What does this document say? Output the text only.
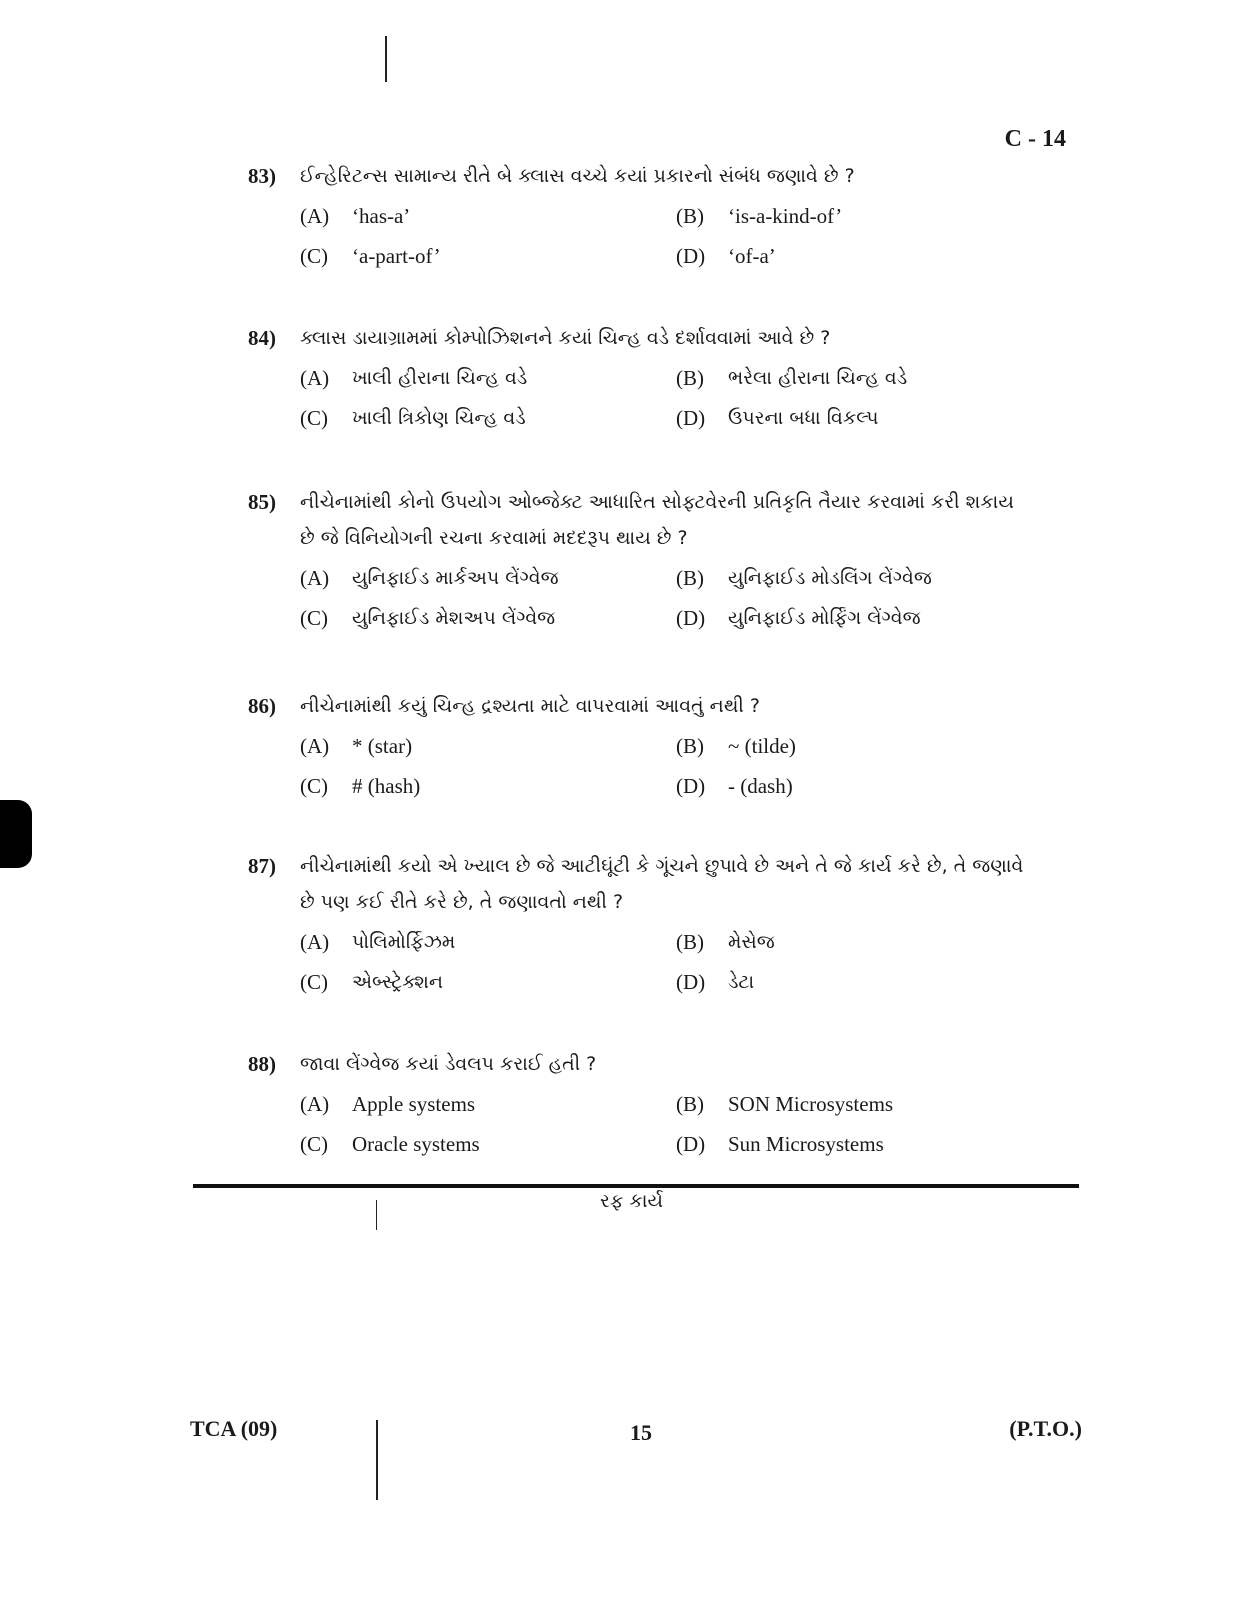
C - 14
83)	ઈન્હેરિટન્સ સામાન્ય રીતે બે ક્લાસ વચ્ચે કયાં પ્રકારનો સંબંધ જણાવે છે ?
(A)	‘has-a’	(B)	‘is-a-kind-of’
(C)	‘a-part-of’	(D)	‘of-a’
84)	ક્લાસ ડાયાગ્રામમાં કોમ્પોઝિશનને કયાં ચિન્હ વડે દર્શાવવામાં આવે છે ?
(A)	ખાલી હીરાના ચિન્હ વડે	(B)	ભરેલા હીરાના ચિન્હ વડે
(C)	ખાલી ત્રિકોણ ચિન્હ વડે	(D)	ઉપરના બધા વિકલ્પ
85)	નીચેનામાંથી કોનો ઉપયોગ ઓબ્જેક્ટ આધારિત સોફ્ટવેરની પ્રતિકૃતિ તૈયાર કરવામાં કરી શકાય
છે જે વિનિયોગની રચના કરવામાં મદદરૂપ થાય છે ?
(A)	યુનિફાઈડ માર્કઅપ લેંગ્વેજ	(B)	યુનિફાઈડ મોડલિંગ લેંગ્વેજ
(C)	યુનિફાઈડ મેશઅપ લેંગ્વેજ	(D)	યુનિફાઈડ મોર્ફિંગ લેંગ્વેજ
86)	નીચેનામાંથી કયું ચિન્હ દ્રશ્યતા માટે વાપરવામાં આવતું નથી ?
(A)	* (star)	(B)	~ (tilde)
(C)	# (hash)	(D)	- (dash)
87)	નીચેનામાંથી કયો એ ખ્યાલ છે જે આટીઘૂંટી કે ગૂંચને છુપાવે છે અને તે જે કાર્ય કરે છે, તે જણાવે
છે પણ કઈ રીતે કરે છે, તે જણાવતો નથી ?
(A)	પોલિમોર્ફિઝમ	(B)	મેસેજ
(C)	એબ્સ્ટ્રેક્શન	(D)	ડેટા
88)	જાવા લેંગ્વેજ કયાં ડેવલપ કરાઈ હતી ?
(A)	Apple systems	(B)	SON Microsystems
(C)	Oracle systems	(D)	Sun Microsystems
રફ કાર્ય
TCA (09)	15	(P.T.O.)
